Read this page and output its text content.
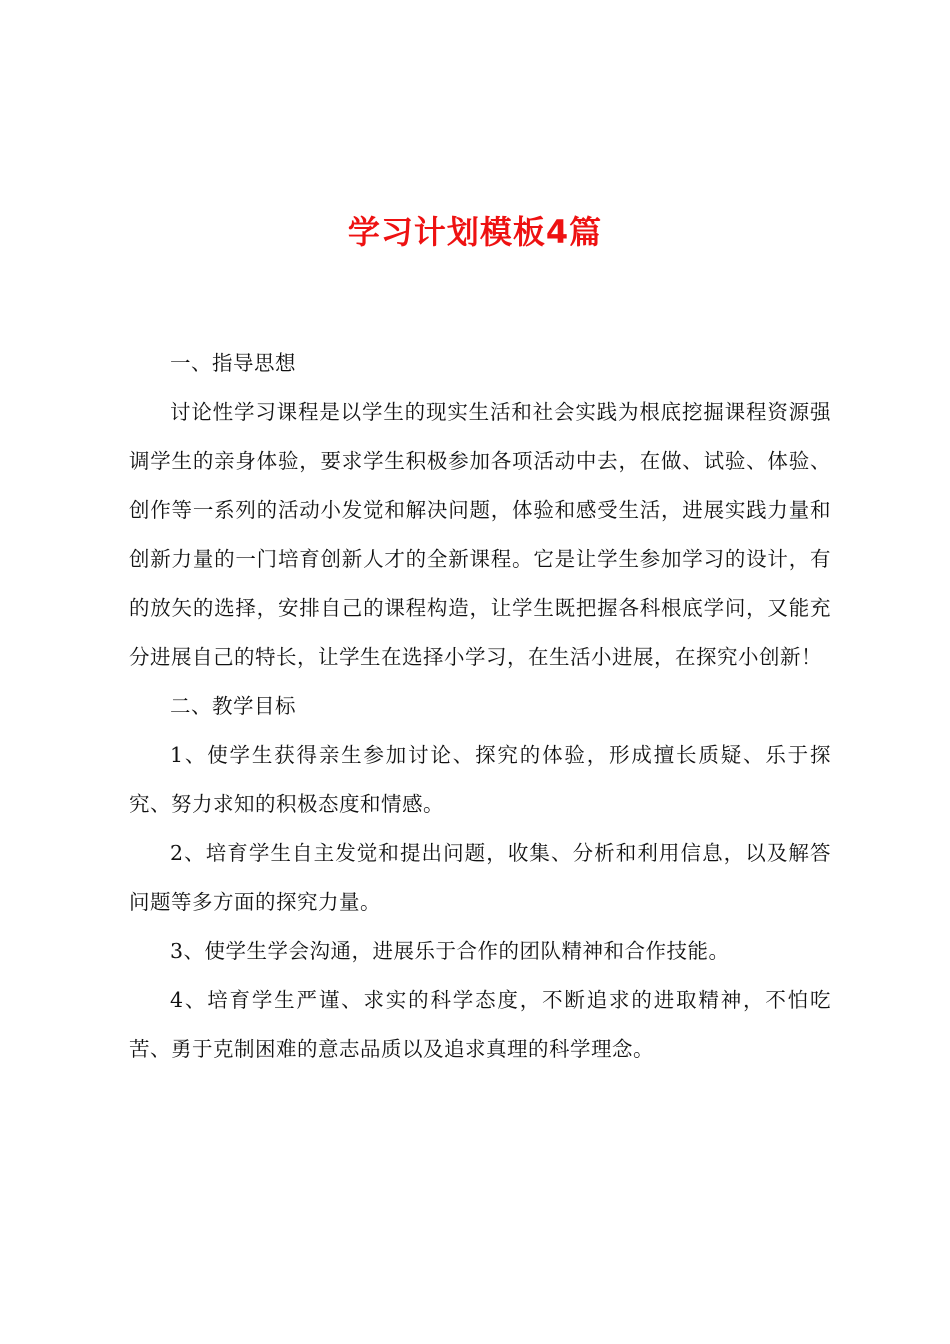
学习计划模板4篇

一、指导思想

讨论性学习课程是以学生的现实生活和社会实践为根底挖掘课程资源强调学生的亲身体验，要求学生积极参加各项活动中去，在做、试验、体验、创作等一系列的活动小发觉和解决问题，体验和感受生活，进展实践力量和创新力量的一门培育创新人才的全新课程。它是让学生参加学习的设计，有的放矢的选择，安排自己的课程构造，让学生既把握各科根底学问，又能充分进展自己的特长，让学生在选择小学习，在生活小进展，在探究小创新！

二、教学目标

1、使学生获得亲生参加讨论、探究的体验，形成擅长质疑、乐于探究、努力求知的积极态度和情感。

2、培育学生自主发觉和提出问题，收集、分析和利用信息，以及解答问题等多方面的探究力量。

3、使学生学会沟通，进展乐于合作的团队精神和合作技能。

4、培育学生严谨、求实的科学态度，不断追求的进取精神，不怕吃苦、勇于克制困难的意志品质以及追求真理的科学理念。
